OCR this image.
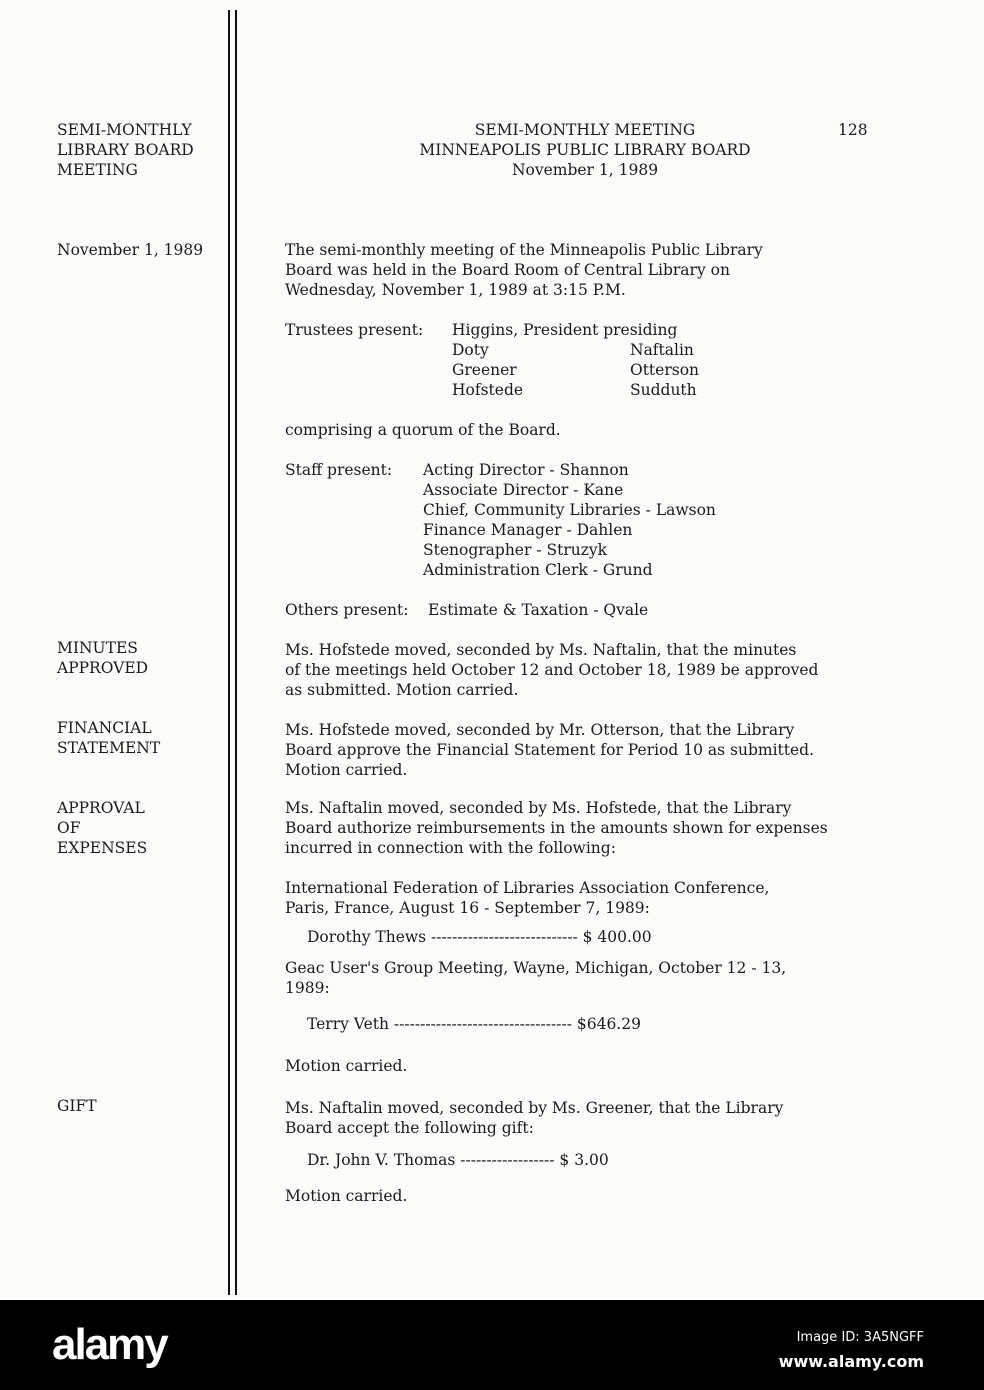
SEMI-MONTHLY
LIBRARY BOARD
MEETING
November 1, 1989
MINUTES
APPROVED
FINANCIAL
STATEMENT
APPROVAL
OF
EXPENSES
GIFT
SEMI-MONTHLY MEETING
MINNEAPOLIS PUBLIC LIBRARY BOARD
November 1, 1989
128
The semi-monthly meeting of the Minneapolis Public Library
Board was held in the Board Room of Central Library on
Wednesday, November 1, 1989 at 3:15 P.M.
Trustees present: Higgins, President presiding
Doty	Naftalin
Greener	Otterson
Hofstede	Sudduth
comprising a quorum of the Board.
Staff present: Acting Director - Shannon
Associate Director - Kane
Chief, Community Libraries - Lawson
Finance Manager - Dahlen
Stenographer - Struzyk
Administration Clerk - Grund
Others present: Estimate & Taxation - Qvale
Ms. Hofstede moved, seconded by Ms. Naftalin, that the minutes
of the meetings held October 12 and October 18, 1989 be approved
as submitted. Motion carried.
Ms. Hofstede moved, seconded by Mr. Otterson, that the Library
Board approve the Financial Statement for Period 10 as submitted.
Motion carried.
Ms. Naftalin moved, seconded by Ms. Hofstede, that the Library
Board authorize reimbursements in the amounts shown for expenses
incurred in connection with the following:
International Federation of Libraries Association Conference,
Paris, France, August 16 - September 7, 1989:
Dorothy Thews ---------------------------- $ 400.00
Geac User's Group Meeting, Wayne, Michigan, October 12 - 13,
1989:
Terry Veth ---------------------------------- $646.29
Motion carried.
Ms. Naftalin moved, seconded by Ms. Greener, that the Library
Board accept the following gift:
Dr. John V. Thomas ------------------ $ 3.00
Motion carried.
alamy	Image ID: 3A5NGFF
www.alamy.com
